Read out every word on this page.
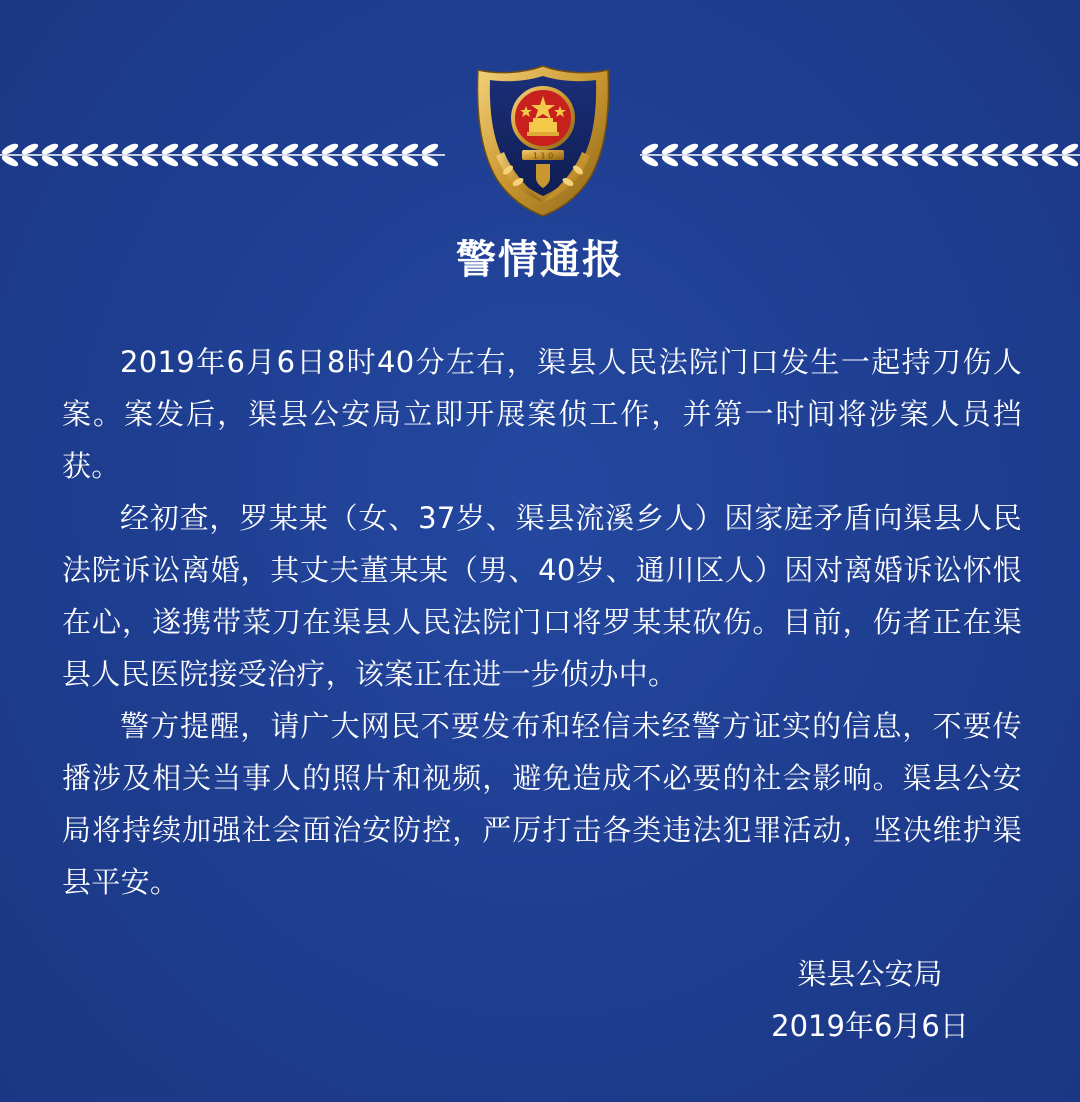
1 1 0
警情通报

2019年6月6日8时40分左右，渠县人民法院门口发生一起持刀伤人案。案发后，渠县公安局立即开展案侦工作，并第一时间将涉案人员挡获。

经初查，罗某某（女、37岁、渠县流溪乡人）因家庭矛盾向渠县人民法院诉讼离婚，其丈夫董某某（男、40岁、通川区人）因对离婚诉讼怀恨在心，遂携带菜刀在渠县人民法院门口将罗某某砍伤。目前，伤者正在渠县人民医院接受治疗，该案正在进一步侦办中。

警方提醒，请广大网民不要发布和轻信未经警方证实的信息，不要传播涉及相关当事人的照片和视频，避免造成不必要的社会影响。渠县公安局将持续加强社会面治安防控，严厉打击各类违法犯罪活动，坚决维护渠县平安。

渠县公安局
2019年6月6日
